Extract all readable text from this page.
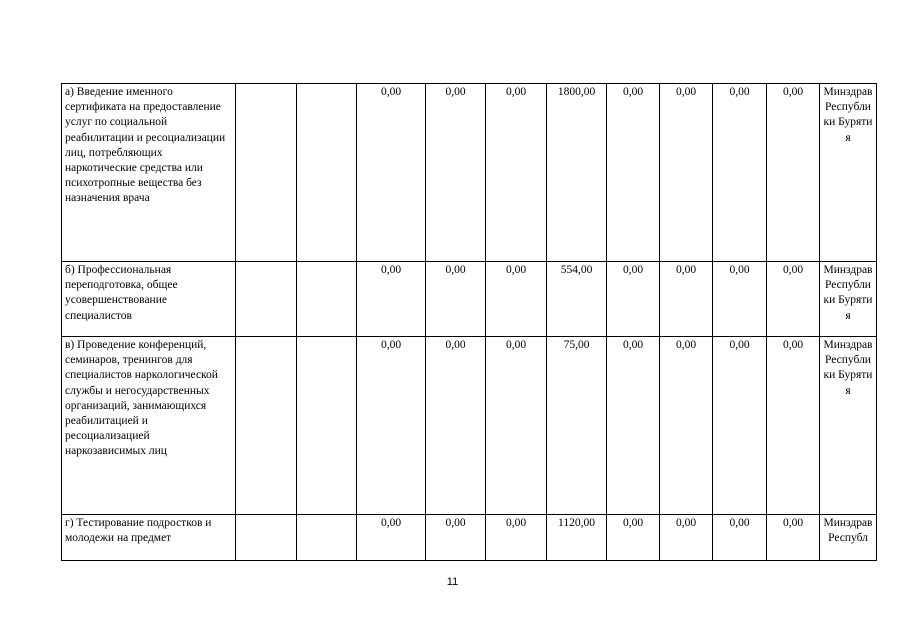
а) Введение именного сертификата на предоставление услуг по социальной реабилитации и ресоциализации лиц, потребляющих наркотические средства или психотропные вещества без назначения врача			0,00	0,00	0,00	1800,00	0,00	0,00	0,00	0,00	Минздрав Республики Бурятия
б) Профессиональная переподготовка, общее усовершенствование специалистов			0,00	0,00	0,00	554,00	0,00	0,00	0,00	0,00	Минздрав Республики Бурятия
в) Проведение конференций, семинаров, тренингов для специалистов наркологической службы и негосударственных организаций, занимающихся реабилитацией и ресоциализацией наркозависимых лиц			0,00	0,00	0,00	75,00	0,00	0,00	0,00	0,00	Минздрав Республики Бурятия
г) Тестирование подростков и молодежи на предмет			0,00	0,00	0,00	1120,00	0,00	0,00	0,00	0,00	Минздрав Республ
11
